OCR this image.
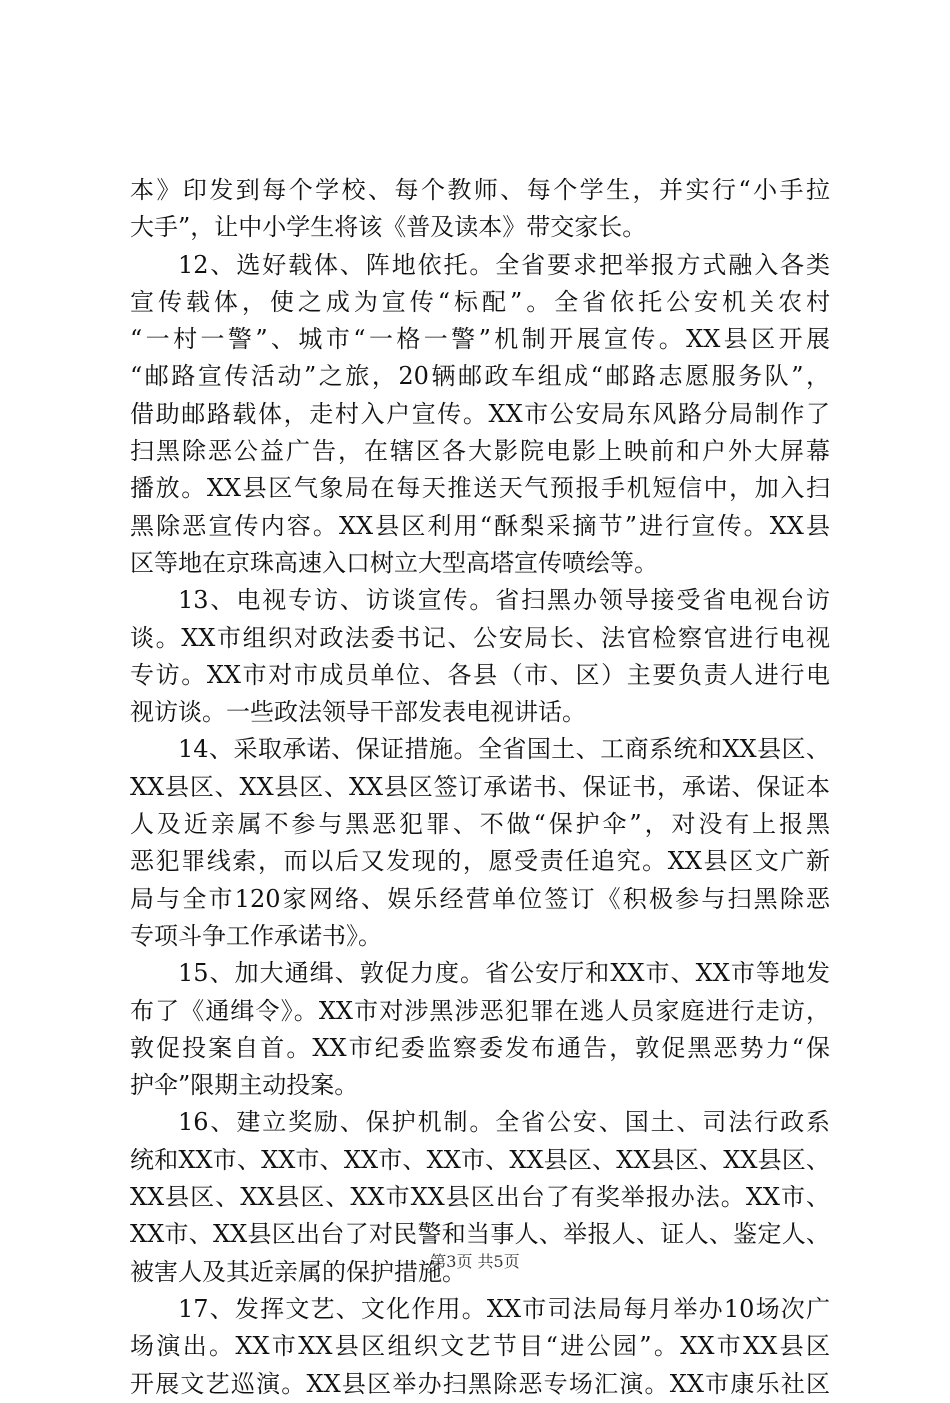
本》印发到每个学校、每个教师、每个学生，并实行“小手拉
大手”，让中小学生将该《普及读本》带交家长。
12、选好载体、阵地依托。全省要求把举报方式融入各类
宣传载体，使之成为宣传“标配”。全省依托公安机关农村
“一村一警”、城市“一格一警”机制开展宣传。XX县区开展
“邮路宣传活动”之旅，20辆邮政车组成“邮路志愿服务队”，
借助邮路载体，走村入户宣传。XX市公安局东风路分局制作了
扫黑除恶公益广告，在辖区各大影院电影上映前和户外大屏幕
播放。XX县区气象局在每天推送天气预报手机短信中，加入扫
黑除恶宣传内容。XX县区利用“酥梨采摘节”进行宣传。XX县
区等地在京珠高速入口树立大型高塔宣传喷绘等。
13、电视专访、访谈宣传。省扫黑办领导接受省电视台访
谈。XX市组织对政法委书记、公安局长、法官检察官进行电视
专访。XX市对市成员单位、各县（市、区）主要负责人进行电
视访谈。一些政法领导干部发表电视讲话。
14、采取承诺、保证措施。全省国土、工商系统和XX县区、
XX县区、XX县区、XX县区签订承诺书、保证书，承诺、保证本
人及近亲属不参与黑恶犯罪、不做“保护伞”，对没有上报黑
恶犯罪线索，而以后又发现的，愿受责任追究。XX县区文广新
局与全市120家网络、娱乐经营单位签订《积极参与扫黑除恶
专项斗争工作承诺书》。
15、加大通缉、敦促力度。省公安厅和XX市、XX市等地发
布了《通缉令》。XX市对涉黑涉恶犯罪在逃人员家庭进行走访，
敦促投案自首。XX市纪委监察委发布通告，敦促黑恶势力“保
护伞”限期主动投案。
16、建立奖励、保护机制。全省公安、国土、司法行政系
统和XX市、XX市、XX市、XX市、XX县区、XX县区、XX县区、
XX县区、XX县区、XX市XX县区出台了有奖举报办法。XX市、
XX市、XX县区出台了对民警和当事人、举报人、证人、鉴定人、
被害人及其近亲属的保护措施。
17、发挥文艺、文化作用。XX市司法局每月举办10场次广
场演出。XX市XX县区组织文艺节目“进公园”。XX市XX县区
开展文艺巡演。XX县区举办扫黑除恶专场汇演。XX市康乐社区
第3页 共5页
